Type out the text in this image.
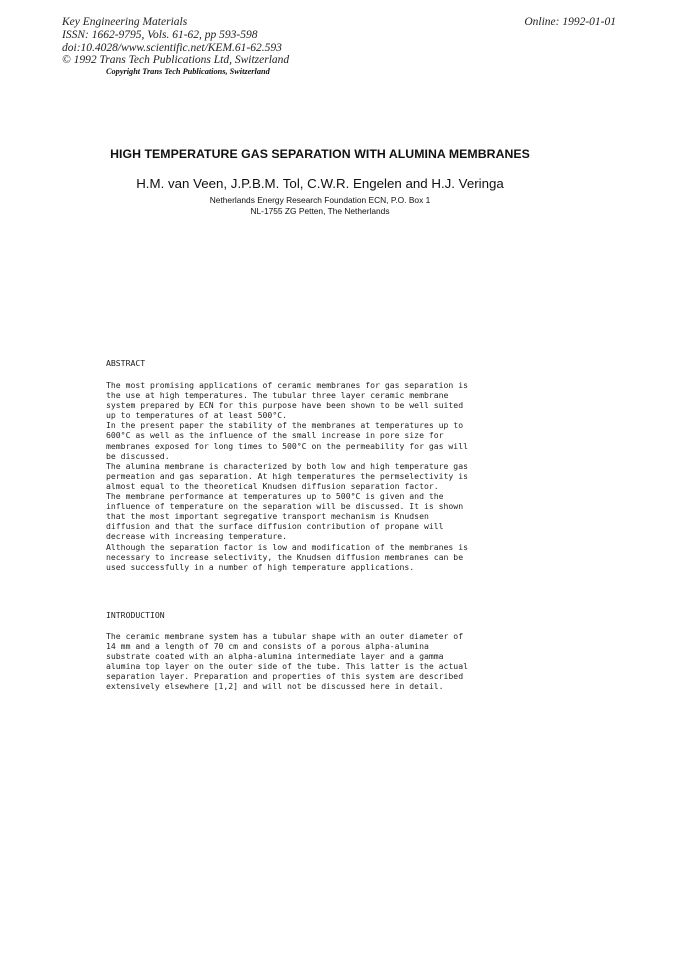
Key Engineering Materials
ISSN: 1662-9795, Vols. 61-62, pp 593-598
doi:10.4028/www.scientific.net/KEM.61-62.593
© 1992 Trans Tech Publications Ltd, Switzerland
Online: 1992-01-01
Copyright Trans Tech Publications, Switzerland
HIGH TEMPERATURE GAS SEPARATION WITH ALUMINA MEMBRANES
H.M. van Veen, J.P.B.M. Tol, C.W.R. Engelen and H.J. Veringa
Netherlands Energy Research Foundation ECN, P.O. Box 1
NL-1755 ZG Petten, The Netherlands
ABSTRACT
The most promising applications of ceramic membranes for gas separation is
the use at high temperatures. The tubular three layer ceramic membrane
system prepared by ECN for this purpose have been shown to be well suited
up to temperatures of at least 500°C.
In the present paper the stability of the membranes at temperatures up to
600°C as well as the influence of the small increase in pore size for
membranes exposed for long times to 500°C on the permeability for gas will
be discussed.
The alumina membrane is characterized by both low and high temperature gas
permeation and gas separation. At high temperatures the permselectivity is
almost equal to the theoretical Knudsen diffusion separation factor.
The membrane performance at temperatures up to 500°C is given and the
influence of temperature on the separation will be discussed. It is shown
that the most important segregative transport mechanism is Knudsen
diffusion and that the surface diffusion contribution of propane will
decrease with increasing temperature.
Although the separation factor is low and modification of the membranes is
necessary to increase selectivity, the Knudsen diffusion membranes can be
used successfully in a number of high temperature applications.
INTRODUCTION
The ceramic membrane system has a tubular shape with an outer diameter of
14 mm and a length of 70 cm and consists of a porous alpha-alumina
substrate coated with an alpha-alumina intermediate layer and a gamma
alumina top layer on the outer side of the tube. This latter is the actual
separation layer. Preparation and properties of this system are described
extensively elsewhere [1,2] and will not be discussed here in detail.
